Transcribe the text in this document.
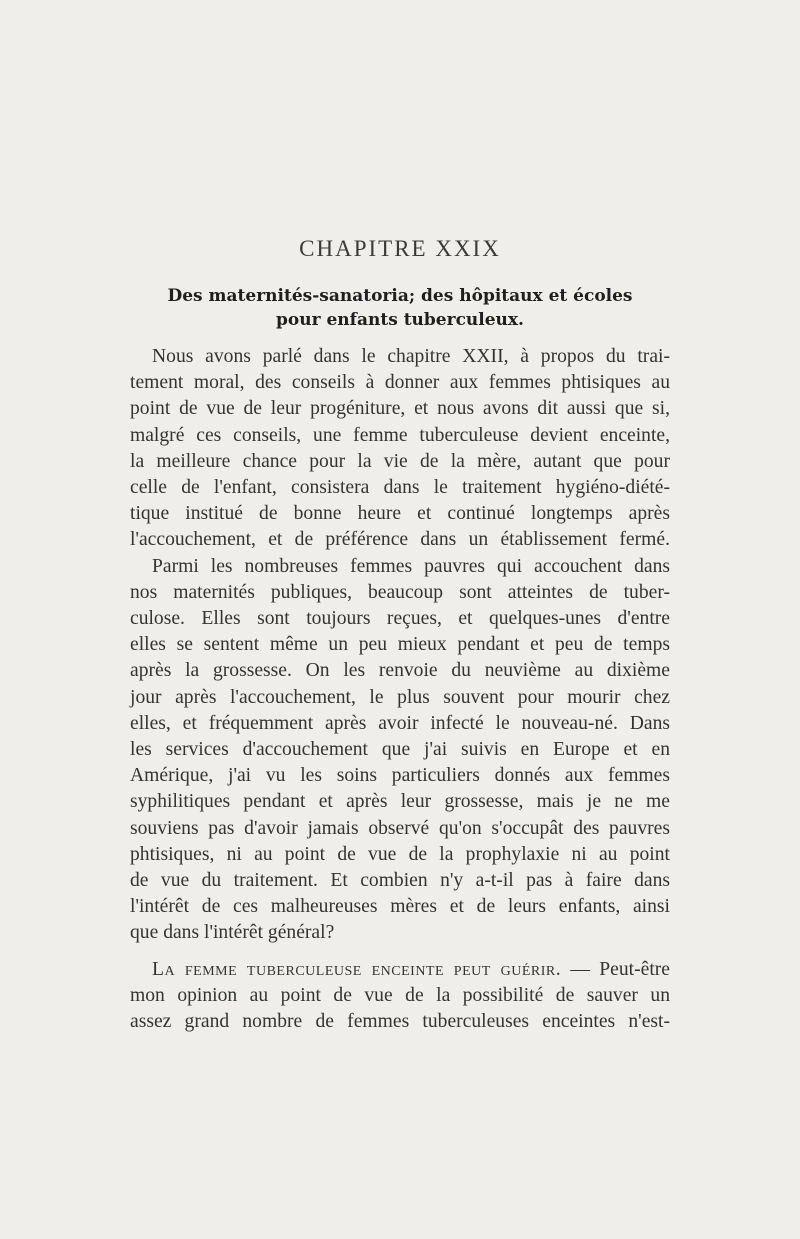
CHAPITRE XXIX
Des maternités-sanatoria; des hôpitaux et écoles
pour enfants tuberculeux.
Nous avons parlé dans le chapitre XXII, à propos du trai-
tement moral, des conseils à donner aux femmes phtisiques au
point de vue de leur progéniture, et nous avons dit aussi que si,
malgré ces conseils, une femme tuberculeuse devient enceinte,
la meilleure chance pour la vie de la mère, autant que pour
celle de l'enfant, consistera dans le traitement hygiéno-diété-
tique institué de bonne heure et continué longtemps après
l'accouchement, et de préférence dans un établissement fermé.
Parmi les nombreuses femmes pauvres qui accouchent dans
nos maternités publiques, beaucoup sont atteintes de tuber-
culose. Elles sont toujours reçues, et quelques-unes d'entre
elles se sentent même un peu mieux pendant et peu de temps
après la grossesse. On les renvoie du neuvième au dixième
jour après l'accouchement, le plus souvent pour mourir chez
elles, et fréquemment après avoir infecté le nouveau-né. Dans
les services d'accouchement que j'ai suivis en Europe et en
Amérique, j'ai vu les soins particuliers donnés aux femmes
syphilitiques pendant et après leur grossesse, mais je ne me
souviens pas d'avoir jamais observé qu'on s'occupât des pauvres
phtisiques, ni au point de vue de la prophylaxie ni au point
de vue du traitement. Et combien n'y a-t-il pas à faire dans
l'intérêt de ces malheureuses mères et de leurs enfants, ainsi
que dans l'intérêt général?
La femme tuberculeuse enceinte peut guérir. — Peut-être
mon opinion au point de vue de la possibilité de sauver un
assez grand nombre de femmes tuberculeuses enceintes n'est-
